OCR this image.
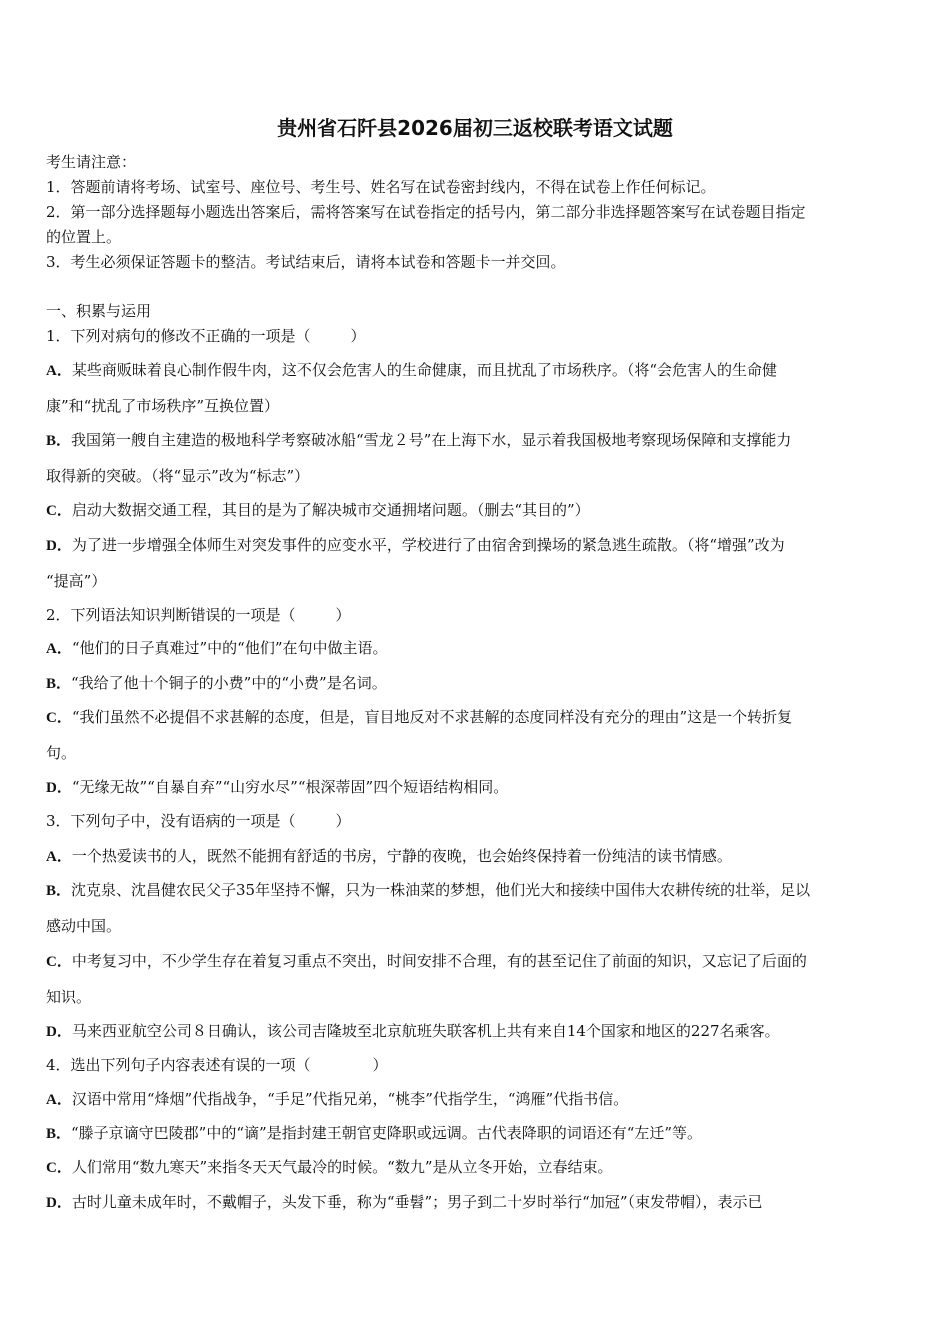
贵州省石阡县2026届初三返校联考语文试题
考生请注意：
1．答题前请将考场、试室号、座位号、考生号、姓名写在试卷密封线内，不得在试卷上作任何标记。
2．第一部分选择题每小题选出答案后，需将答案写在试卷指定的括号内，第二部分非选择题答案写在试卷题目指定
的位置上。
3．考生必须保证答题卡的整洁。考试结束后，请将本试卷和答题卡一并交回。
一、积累与运用
1．下列对病句的修改不正确的一项是（	）
A．某些商贩昧着良心制作假牛肉，这不仅会危害人的生命健康，而且扰乱了市场秩序。（将“会危害人的生命健
康”和“扰乱了市场秩序”互换位置）
B．我国第一艘自主建造的极地科学考察破冰船“雪龙２号”在上海下水，显示着我国极地考察现场保障和支撑能力
取得新的突破。（将“显示”改为“标志”）
C．启动大数据交通工程，其目的是为了解决城市交通拥堵问题。（删去“其目的”）
D．为了进一步增强全体师生对突发事件的应变水平，学校进行了由宿舍到操场的紧急逃生疏散。（将“增强”改为
“提高”）
2．下列语法知识判断错误的一项是（	）
A．“他们的日子真难过”中的“他们”在句中做主语。
B．“我给了他十个铜子的小费”中的“小费”是名词。
C．“我们虽然不必提倡不求甚解的态度，但是，盲目地反对不求甚解的态度同样没有充分的理由”这是一个转折复
句。
D．“无缘无故”“自暴自弃”“山穷水尽”“根深蒂固”四个短语结构相同。
3．下列句子中，没有语病的一项是（	）
A．一个热爱读书的人，既然不能拥有舒适的书房，宁静的夜晚，也会始终保持着一份纯洁的读书情感。
B．沈克泉、沈昌健农民父子35年坚持不懈，只为一株油菜的梦想，他们光大和接续中国伟大农耕传统的壮举，足以
感动中国。
C．中考复习中，不少学生存在着复习重点不突出，时间安排不合理，有的甚至记住了前面的知识，又忘记了后面的
知识。
D．马来西亚航空公司８日确认，该公司吉隆坡至北京航班失联客机上共有来自14个国家和地区的227名乘客。
4．选出下列句子内容表述有误的一项（	）
A．汉语中常用“烽烟”代指战争，“手足”代指兄弟，“桃李”代指学生，“鸿雁”代指书信。
B．“滕子京谪守巴陵郡”中的“谪”是指封建王朝官吏降职或远调。古代表降职的词语还有“左迁”等。
C．人们常用“数九寒天”来指冬天天气最冷的时候。“数九”是从立冬开始，立春结束。
D．古时儿童未成年时，不戴帽子，头发下垂，称为“垂髫”；男子到二十岁时举行“加冠”（束发带帽），表示已
